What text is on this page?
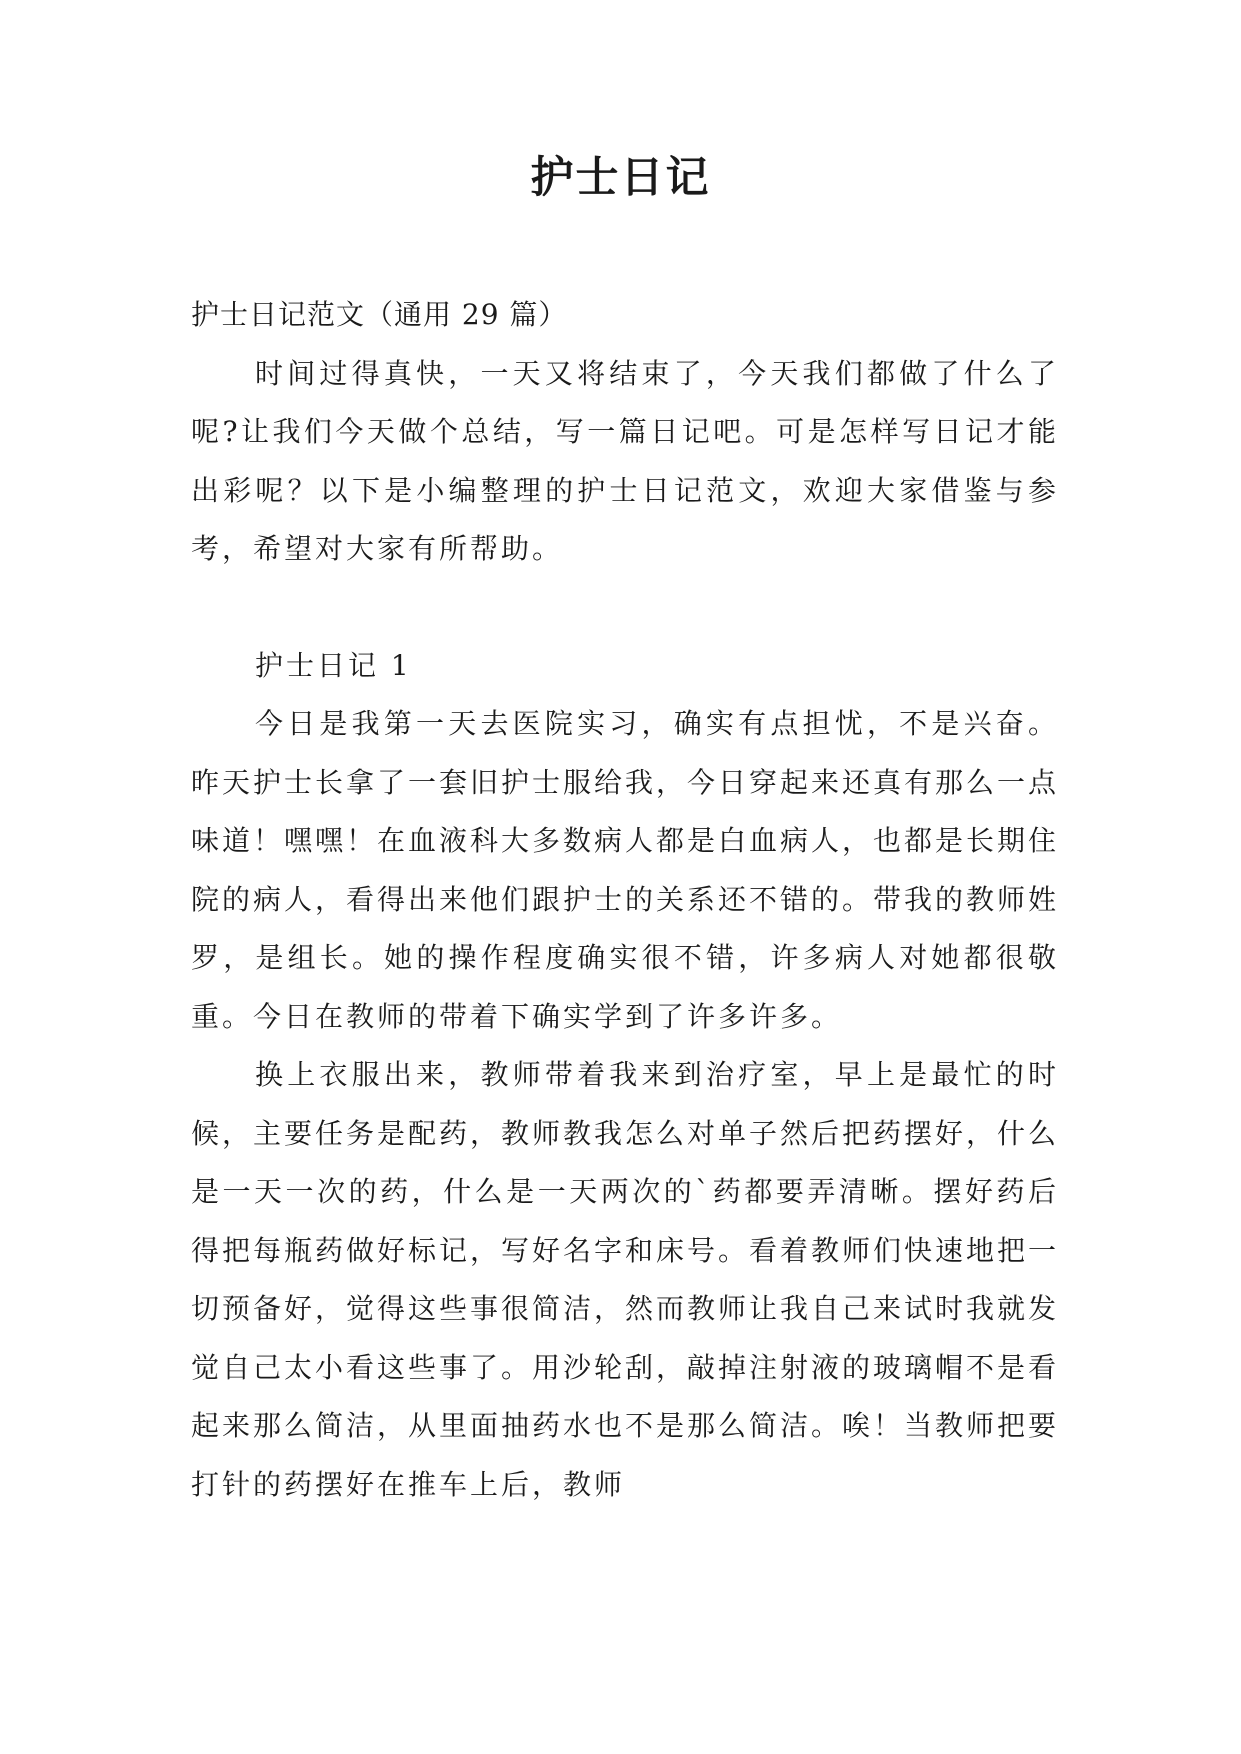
护士日记

护士日记范文（通用 29 篇）

时间过得真快，一天又将结束了，今天我们都做了什么了呢?让我们今天做个总结，写一篇日记吧。可是怎样写日记才能出彩呢？以下是小编整理的护士日记范文，欢迎大家借鉴与参考，希望对大家有所帮助。

护士日记 1

今日是我第一天去医院实习，确实有点担忧，不是兴奋。昨天护士长拿了一套旧护士服给我，今日穿起来还真有那么一点味道！嘿嘿！在血液科大多数病人都是白血病人，也都是长期住院的病人，看得出来他们跟护士的关系还不错的。带我的教师姓罗，是组长。她的操作程度确实很不错，许多病人对她都很敬重。今日在教师的带着下确实学到了许多许多。

换上衣服出来，教师带着我来到治疗室，早上是最忙的时候，主要任务是配药，教师教我怎么对单子然后把药摆好，什么是一天一次的药，什么是一天两次的`药都要弄清晰。摆好药后得把每瓶药做好标记，写好名字和床号。看着教师们快速地把一切预备好，觉得这些事很简洁，然而教师让我自己来试时我就发觉自己太小看这些事了。用沙轮刮，敲掉注射液的玻璃帽不是看起来那么简洁，从里面抽药水也不是那么简洁。唉！当教师把要打针的药摆好在推车上后，教师
